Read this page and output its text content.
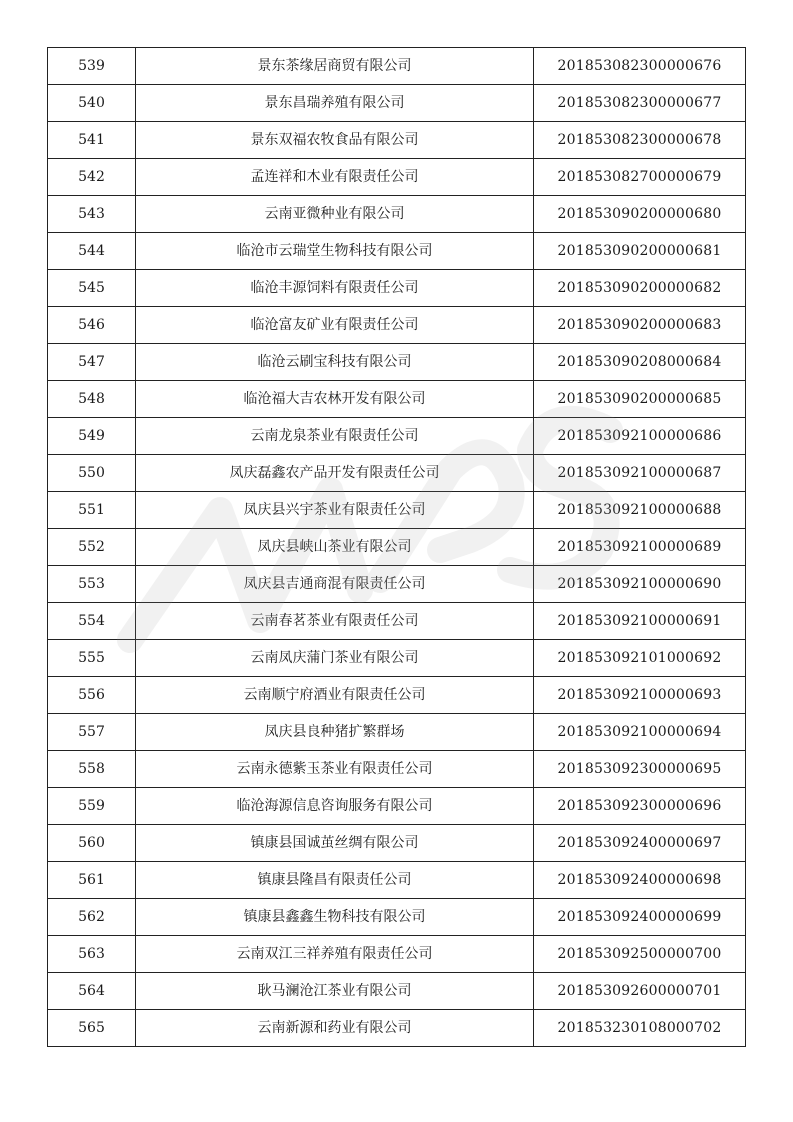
539	景东茶缘居商贸有限公司	201853082300000676
540	景东昌瑞养殖有限公司	201853082300000677
541	景东双福农牧食品有限公司	201853082300000678
542	孟连祥和木业有限责任公司	201853082700000679
543	云南亚微种业有限公司	201853090200000680
544	临沧市云瑞堂生物科技有限公司	201853090200000681
545	临沧丰源饲料有限责任公司	201853090200000682
546	临沧富友矿业有限责任公司	201853090200000683
547	临沧云刷宝科技有限公司	201853090208000684
548	临沧福大吉农林开发有限公司	201853090200000685
549	云南龙泉茶业有限责任公司	201853092100000686
550	凤庆磊鑫农产品开发有限责任公司	201853092100000687
551	凤庆县兴宇茶业有限责任公司	201853092100000688
552	凤庆县峡山茶业有限公司	201853092100000689
553	凤庆县吉通商混有限责任公司	201853092100000690
554	云南春茗茶业有限责任公司	201853092100000691
555	云南凤庆蒲门茶业有限公司	201853092101000692
556	云南顺宁府酒业有限责任公司	201853092100000693
557	凤庆县良种猪扩繁群场	201853092100000694
558	云南永德紫玉茶业有限责任公司	201853092300000695
559	临沧海源信息咨询服务有限公司	201853092300000696
560	镇康县国诚茧丝绸有限公司	201853092400000697
561	镇康县隆昌有限责任公司	201853092400000698
562	镇康县鑫鑫生物科技有限公司	201853092400000699
563	云南双江三祥养殖有限责任公司	201853092500000700
564	耿马澜沧江茶业有限公司	201853092600000701
565	云南新源和药业有限公司	201853230108000702
